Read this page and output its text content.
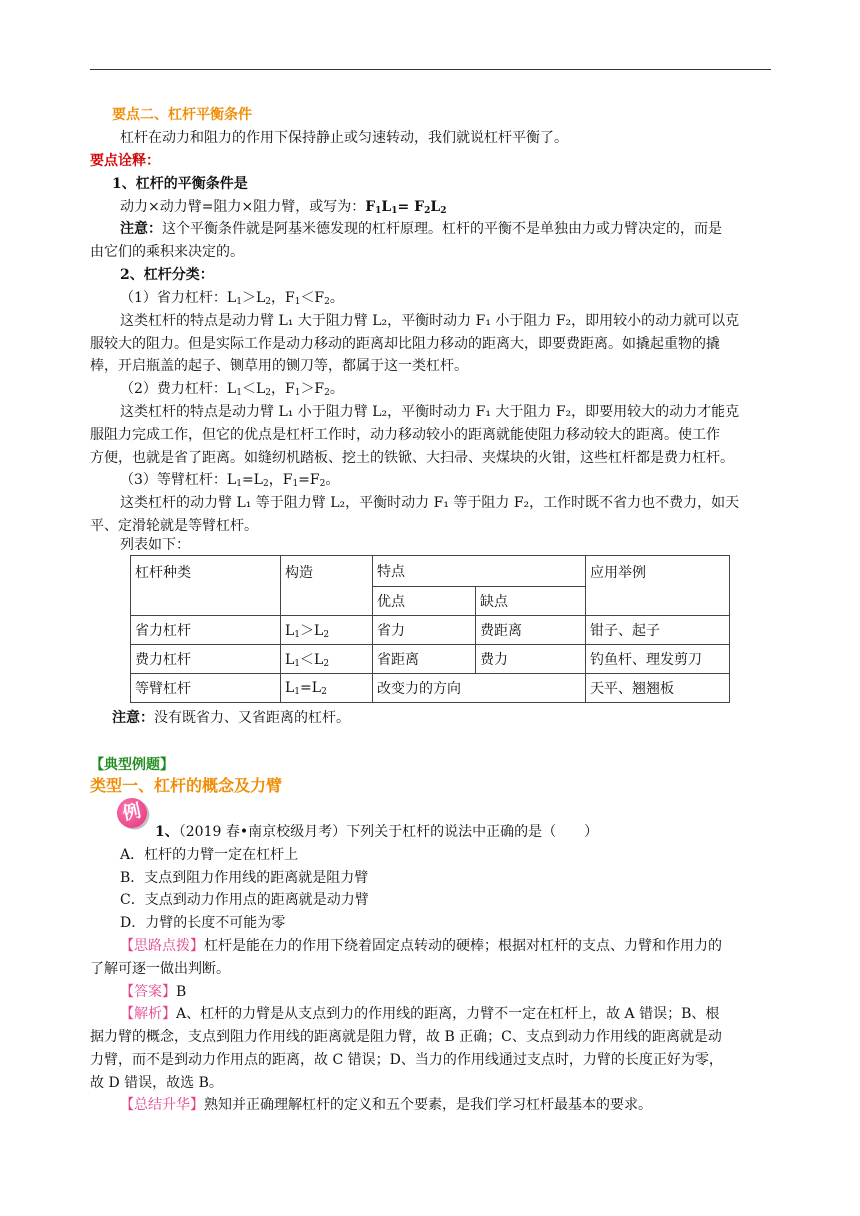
要点二、杠杆平衡条件
杠杆在动力和阻力的作用下保持静止或匀速转动，我们就说杠杆平衡了。
要点诠释：
1、杠杆的平衡条件是
动力×动力臂=阻力×阻力臂，或写为：$F_1L_1= F_2L_2$
注意：这个平衡条件就是阿基米德发现的杠杆原理。杠杆的平衡不是单独由力或力臂决定的，而是
由它们的乘积来决定的。
2、杠杆分类：
（1）省力杠杆：$L_1>L_2$，$F_1<F_2$。
这类杠杆的特点是动力臂 L₁ 大于阻力臂 L₂，平衡时动力 F₁ 小于阻力 F₂，即用较小的动力就可以克
服较大的阻力。但是实际工作是动力移动的距离却比阻力移动的距离大，即要费距离。如撬起重物的撬
棒，开启瓶盖的起子、铡草用的铡刀等，都属于这一类杠杆。
（2）费力杠杆：$L_1<L_2$，$F_1>F_2$。
这类杠杆的特点是动力臂 L₁ 小于阻力臂 L₂，平衡时动力 F₁ 大于阻力 F₂，即要用较大的动力才能克
服阻力完成工作，但它的优点是杠杆工作时，动力移动较小的距离就能使阻力移动较大的距离。使工作
方便，也就是省了距离。如缝纫机踏板、挖土的铁锨、大扫帚、夹煤块的火钳，这些杠杆都是费力杠杆。
（3）等臂杠杆：$L_1=L_2$，$F_1=F_2$。
这类杠杆的动力臂 L₁ 等于阻力臂 L₂，平衡时动力 F₁ 等于阻力 F₂，工作时既不省力也不费力，如天
平、定滑轮就是等臂杠杆。
列表如下：
杠杆种类	构造	特点		应用举例
		优点	缺点	
省力杠杆	$L_1>L_2$	省力	费距离	钳子、起子
费力杠杆	$L_1<L_2$	省距离	费力	钓鱼杆、理发剪刀
等臂杠杆	$L_1=L_2$	改变力的方向		天平、翘翘板
注意：没有既省力、又省距离的杠杆。
【典型例题】
类型一、杠杆的概念及力臂
例
1、（2019 春•南京校级月考）下列关于杠杆的说法中正确的是（　　）
A．杠杆的力臂一定在杠杆上
B．支点到阻力作用线的距离就是阻力臂
C．支点到动力作用点的距离就是动力臂
D．力臂的长度不可能为零
【思路点拨】杠杆是能在力的作用下绕着固定点转动的硬棒；根据对杠杆的支点、力臂和作用力的
了解可逐一做出判断。
【答案】B
【解析】A、杠杆的力臂是从支点到力的作用线的距离，力臂不一定在杠杆上，故 A 错误；B、根
据力臂的概念，支点到阻力作用线的距离就是阻力臂，故 B 正确；C、支点到动力作用线的距离就是动
力臂，而不是到动力作用点的距离，故 C 错误；D、当力的作用线通过支点时，力臂的长度正好为零，
故 D 错误，故选 B。
【总结升华】熟知并正确理解杠杆的定义和五个要素，是我们学习杠杆最基本的要求。
